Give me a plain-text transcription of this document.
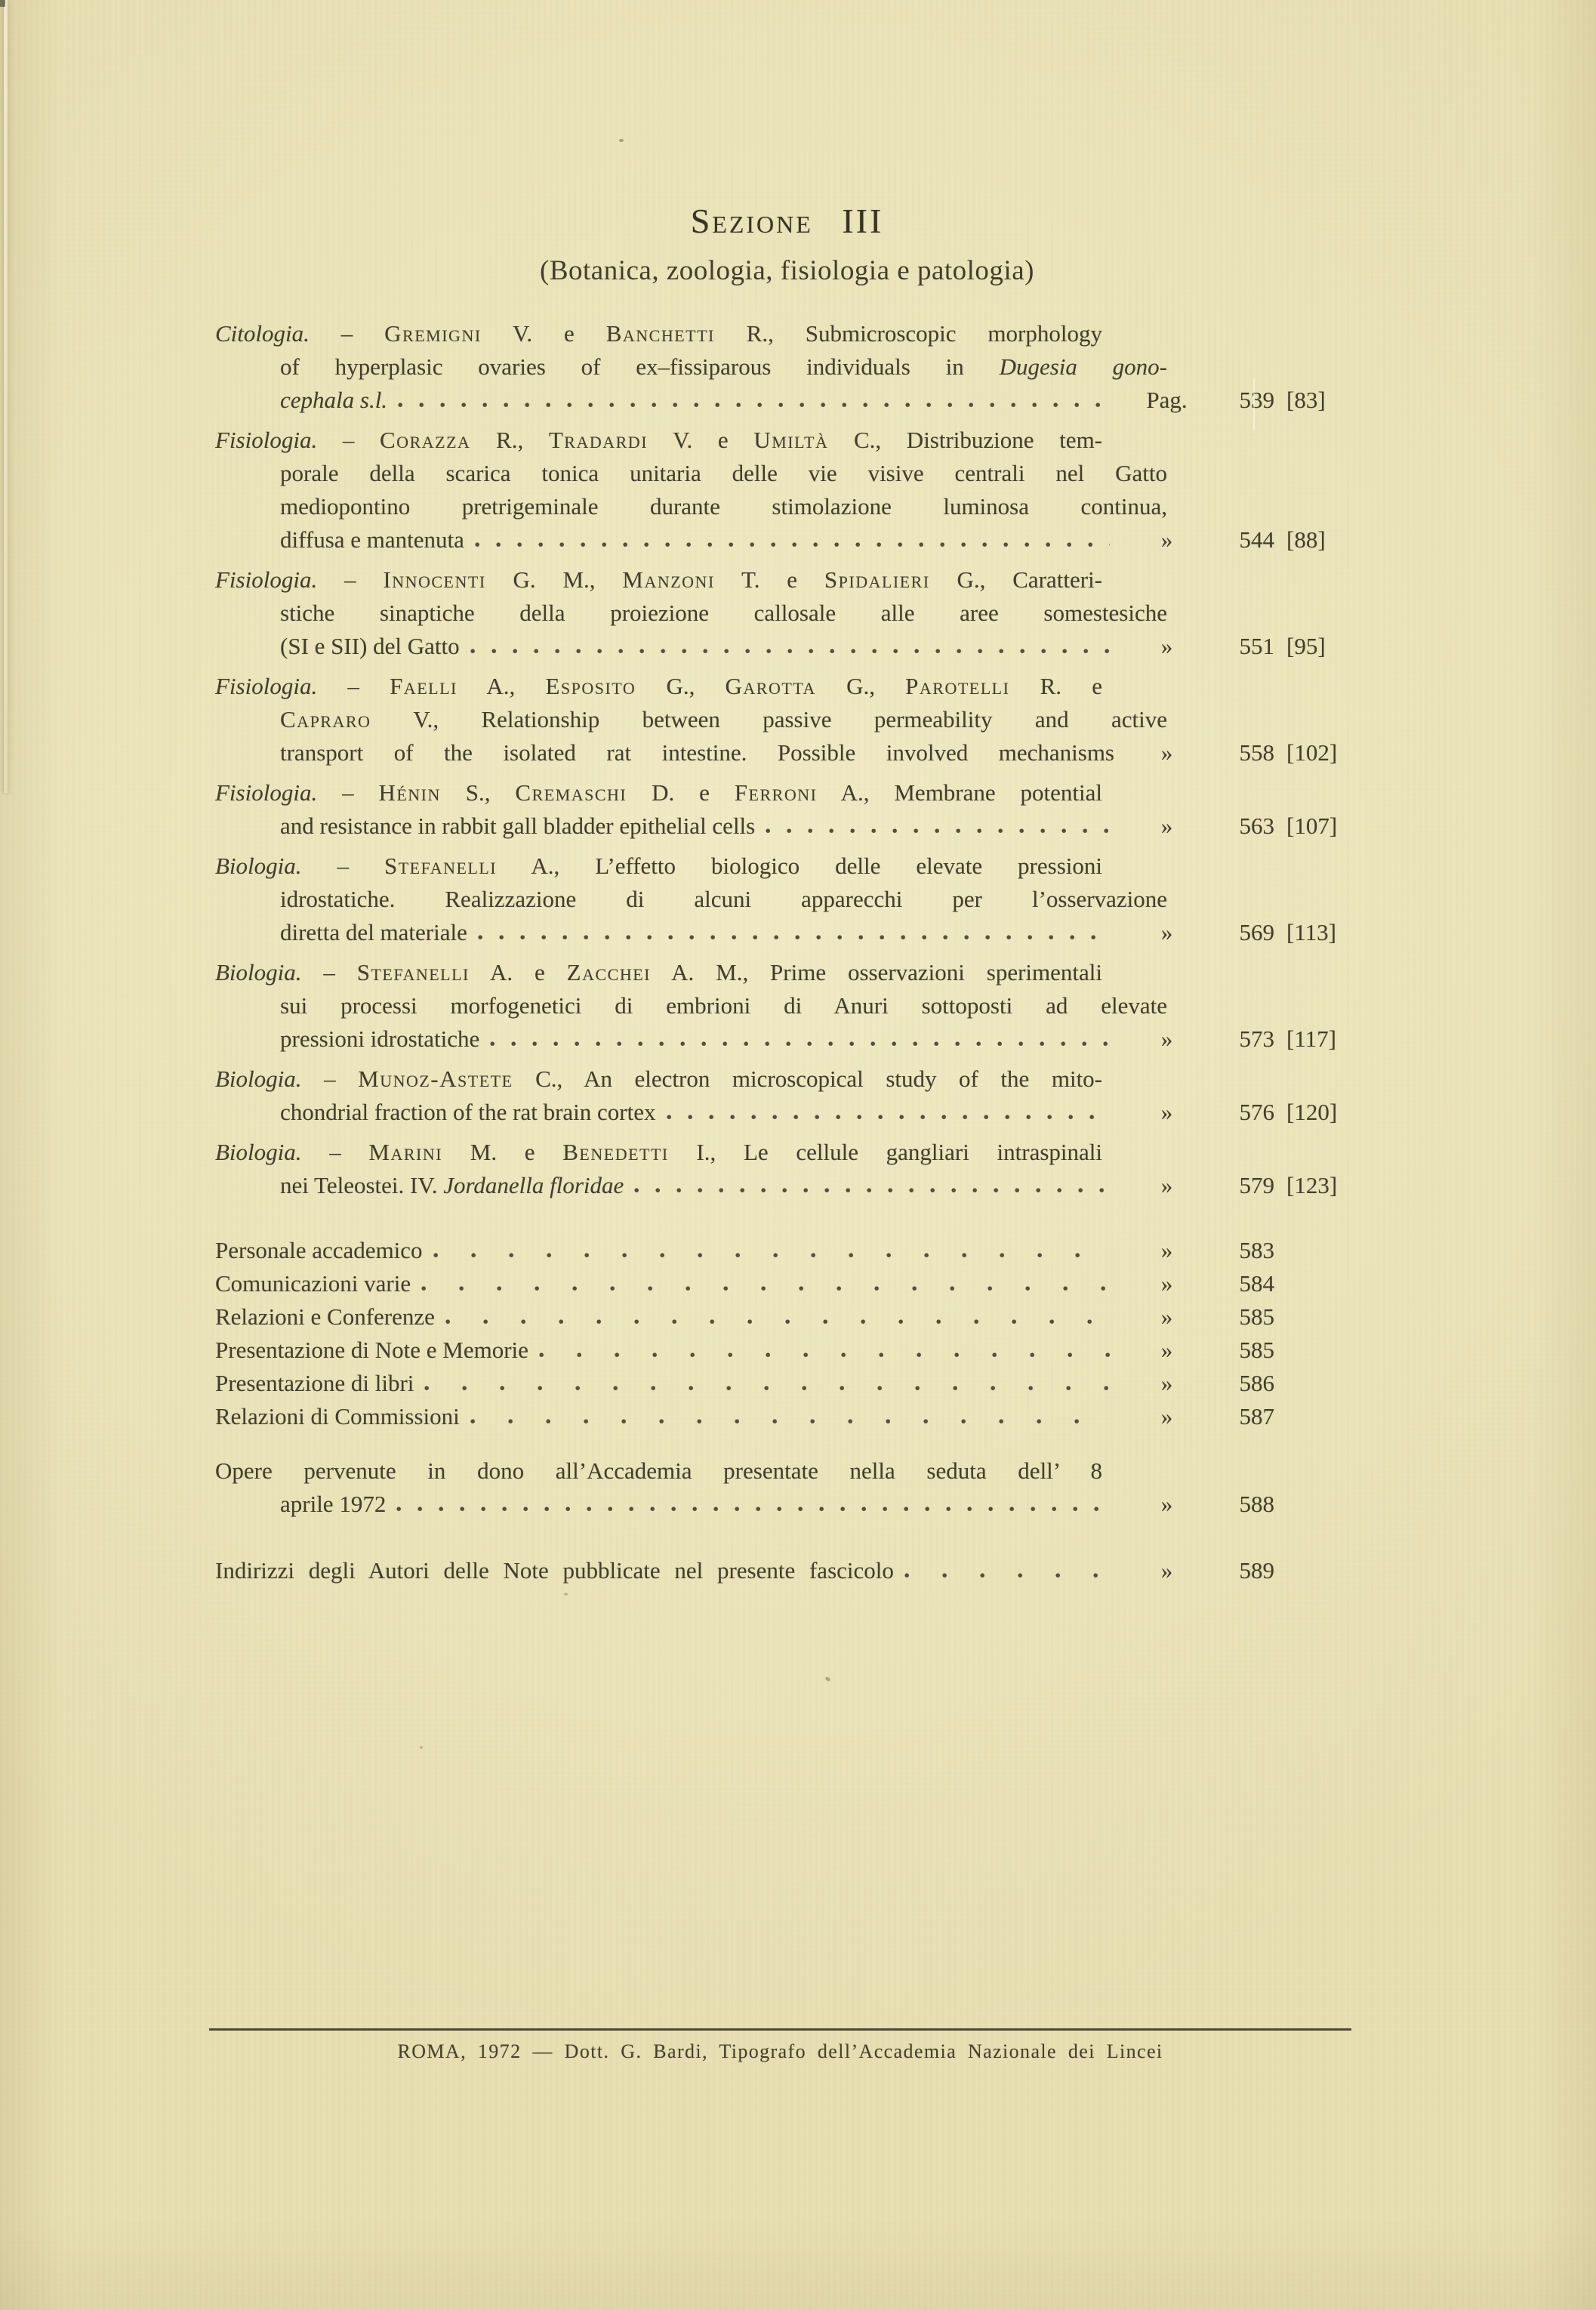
Sezione III
(Botanica, zoologia, fisiologia e patologia)
Citologia. – Gremigni V. e Banchetti R., Submicroscopic morphology
of hyperplasic ovaries of ex–fissiparous individuals in Dugesia gono-
cephala s.l.	Pag.	539 [83]
Fisiologia. – Corazza R., Tradardi V. e Umiltà C., Distribuzione tem-
porale della scarica tonica unitaria delle vie visive centrali nel Gatto
mediopontino pretrigeminale durante stimolazione luminosa continua,
diffusa e mantenuta	»	544 [88]
Fisiologia. – Innocenti G. M., Manzoni T. e Spidalieri G., Caratteri-
stiche sinaptiche della proiezione callosale alle aree somestesiche
(SI e SII) del Gatto	»	551 [95]
Fisiologia. – Faelli A., Esposito G., Garotta G., Parotelli R. e
Capraro V., Relationship between passive permeability and active
transport of the isolated rat intestine. Possible involved mechanisms	»	558 [102]
Fisiologia. – Hénin S., Cremaschi D. e Ferroni A., Membrane potential
and resistance in rabbit gall bladder epithelial cells	»	563 [107]
Biologia. – Stefanelli A., L’effetto biologico delle elevate pressioni
idrostatiche. Realizzazione di alcuni apparecchi per l’osservazione
diretta del materiale	»	569 [113]
Biologia. – Stefanelli A. e Zacchei A. M., Prime osservazioni sperimentali
sui processi morfogenetici di embrioni di Anuri sottoposti ad elevate
pressioni idrostatiche	»	573 [117]
Biologia. – Munoz-Astete C., An electron microscopical study of the mito-
chondrial fraction of the rat brain cortex	»	576 [120]
Biologia. – Marini M. e Benedetti I., Le cellule gangliari intraspinali
nei Teleostei. IV. Jordanella floridae	»	579 [123]
Personale accademico	»	583
Comunicazioni varie	»	584
Relazioni e Conferenze	»	585
Presentazione di Note e Memorie	»	585
Presentazione di libri	»	586
Relazioni di Commissioni	»	587
Opere pervenute in dono all’Accademia presentate nella seduta dell’ 8
aprile 1972	»	588
Indirizzi degli Autori delle Note pubblicate nel presente fascicolo	»	589
ROMA, 1972 — Dott. G. Bardi, Tipografo dell’Accademia Nazionale dei Lincei
